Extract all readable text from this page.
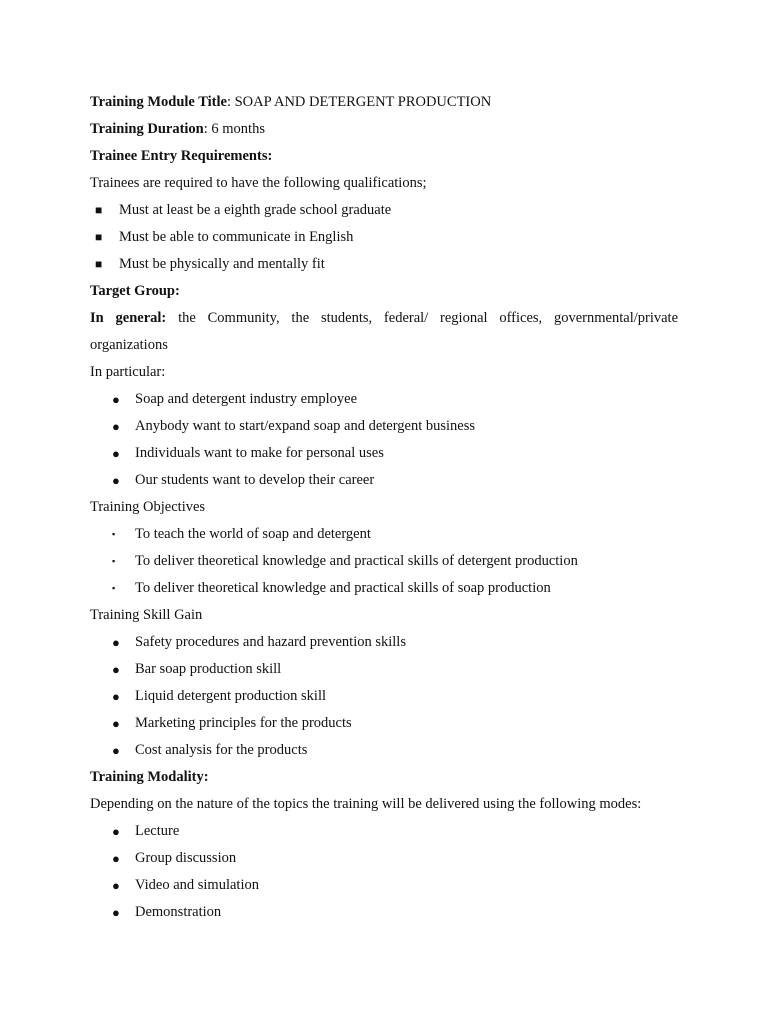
Training Module Title: SOAP AND DETERGENT PRODUCTION
Training Duration: 6 months
Trainee Entry Requirements:
Trainees are required to have the following qualifications;
■ Must at least be a eighth grade school graduate
■ Must be able to communicate in English
■ Must be physically and mentally fit
Target Group:
In general: the Community, the students, federal/ regional offices, governmental/private
organizations
In particular:
● Soap and detergent industry employee
● Anybody want to start/expand soap and detergent business
● Individuals want to make for personal uses
● Our students want to develop their career
Training Objectives
▪ To teach the world of soap and detergent
▪ To deliver theoretical knowledge and practical skills of detergent production
▪ To deliver theoretical knowledge and practical skills of soap production
Training Skill Gain
● Safety procedures and hazard prevention skills
● Bar soap production skill
● Liquid detergent production skill
● Marketing principles for the products
● Cost analysis for the products
Training Modality:
Depending on the nature of the topics the training will be delivered using the following modes:
● Lecture
● Group discussion
● Video and simulation
● Demonstration
